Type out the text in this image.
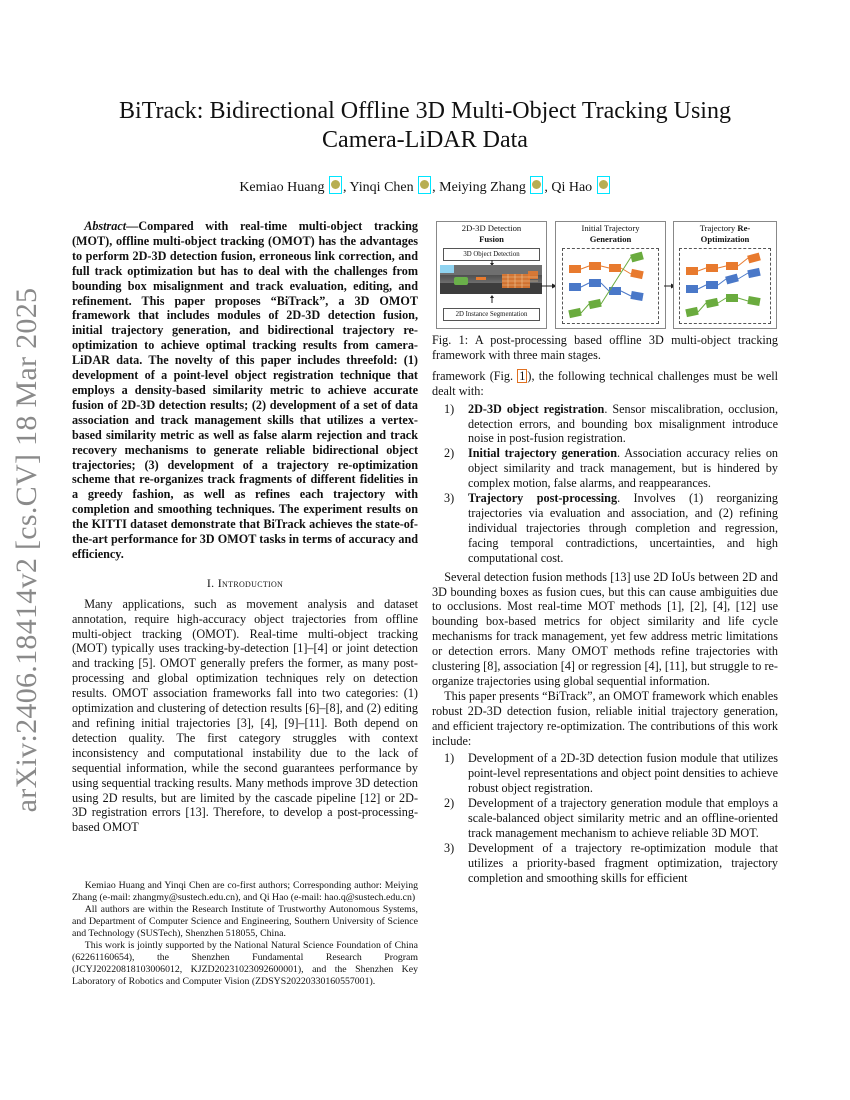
arXiv:2406.18414v2 [cs.CV] 18 Mar 2025
BiTrack: Bidirectional Offline 3D Multi-Object Tracking Using
Camera-LiDAR Data
Kemiao Huang , Yinqi Chen , Meiying Zhang , Qi Hao

Abstract—Compared with real-time multi-object tracking (MOT), offline multi-object tracking (OMOT) has the advantages to perform 2D-3D detection fusion, erroneous link correction, and full track optimization but has to deal with the challenges from bounding box misalignment and track evaluation, editing, and refinement. This paper proposes “BiTrack”, a 3D OMOT framework that includes modules of 2D-3D detection fusion, initial trajectory generation, and bidirectional trajectory re-optimization to achieve optimal tracking results from camera-LiDAR data. The novelty of this paper includes threefold: (1) development of a point-level object registration technique that employs a density-based similarity metric to achieve accurate fusion of 2D-3D detection results; (2) development of a set of data association and track management skills that utilizes a vertex-based similarity metric as well as false alarm rejection and track recovery mechanisms to generate reliable bidirectional object trajectories; (3) development of a trajectory re-optimization scheme that re-organizes track fragments of different fidelities in a greedy fashion, as well as refines each trajectory with completion and smoothing techniques. The experiment results on the KITTI dataset demonstrate that BiTrack achieves the state-of-the-art performance for 3D OMOT tasks in terms of accuracy and efficiency.

I. Introduction

Many applications, such as movement analysis and dataset annotation, require high-accuracy object trajectories from offline multi-object tracking (OMOT). Real-time multi-object tracking (MOT) typically uses tracking-by-detection [1]–[4] or joint detection and tracking [5]. OMOT generally prefers the former, as many post-processing and global optimization techniques rely on detection results. OMOT association frameworks fall into two categories: (1) optimization and clustering of detection results [6]–[8], and (2) editing and refining initial trajectories [3], [4], [9]–[11]. Both depend on detection quality. The first category struggles with context inconsistency and computational instability due to the lack of sequential information, while the second guarantees performance by using sequential tracking results. Many methods improve 3D detection using 2D results, but are limited by the cascade pipeline [12] or 2D-3D registration errors [13]. Therefore, to develop a post-processing-based OMOT

Kemiao Huang and Yinqi Chen are co-first authors; Corresponding author: Meiying Zhang (e-mail: zhangmy@sustech.edu.cn), and Qi Hao (e-mail: hao.q@sustech.edu.cn)

All authors are within the Research Institute of Trustworthy Autonomous Systems, and Department of Computer Science and Engineering, Southern University of Science and Technology (SUSTech), Shenzhen 518055, China.

This work is jointly supported by the National Natural Science Foundation of China (62261160654), the Shenzhen Fundamental Research Program (JCYJ20220818103006012, KJZD20231023092600001), and the Shenzhen Key Laboratory of Robotics and Computer Vision (ZDSYS20220330160557001).

2D-3D Detection
Fusion
3D Object Detection
2D Instance Segmentation
Initial Trajectory
Generation
Trajectory Re-
Optimization

Fig. 1: A post-processing based offline 3D multi-object tracking framework with three main stages.

framework (Fig. 1 ), the following technical challenges must be well dealt with:

1) 2D-3D object registration. Sensor miscalibration, occlusion, detection errors, and bounding box misalignment introduce noise in post-fusion registration.
2) Initial trajectory generation. Association accuracy relies on object similarity and track management, but is hindered by complex motion, false alarms, and reappearances.
3) Trajectory post-processing. Involves (1) reorganizing trajectories via evaluation and association, and (2) refining individual trajectories through completion and regression, facing temporal contradictions, uncertainties, and high computational cost.

Several detection fusion methods [13] use 2D IoUs between 2D and 3D bounding boxes as fusion cues, but this can cause ambiguities due to occlusions. Most real-time MOT methods [1], [2], [4], [12] use bounding box-based metrics for object similarity and life cycle mechanisms for track management, yet few address metric limitations or detection errors. Many OMOT methods refine trajectories with clustering [8], association [4] or regression [4], [11], but struggle to re-organize trajectories using global sequential information.

This paper presents “BiTrack”, an OMOT framework which enables robust 2D-3D detection fusion, reliable initial trajectory generation, and efficient trajectory re-optimization. The contributions of this work include:

1) Development of a 2D-3D detection fusion module that utilizes point-level representations and object point densities to achieve robust object registration.
2) Development of a trajectory generation module that employs a scale-balanced object similarity metric and an offline-oriented track management mechanism to achieve reliable 3D MOT.
3) Development of a trajectory re-optimization module that utilizes a priority-based fragment optimization, trajectory completion and smoothing skills for efficient
